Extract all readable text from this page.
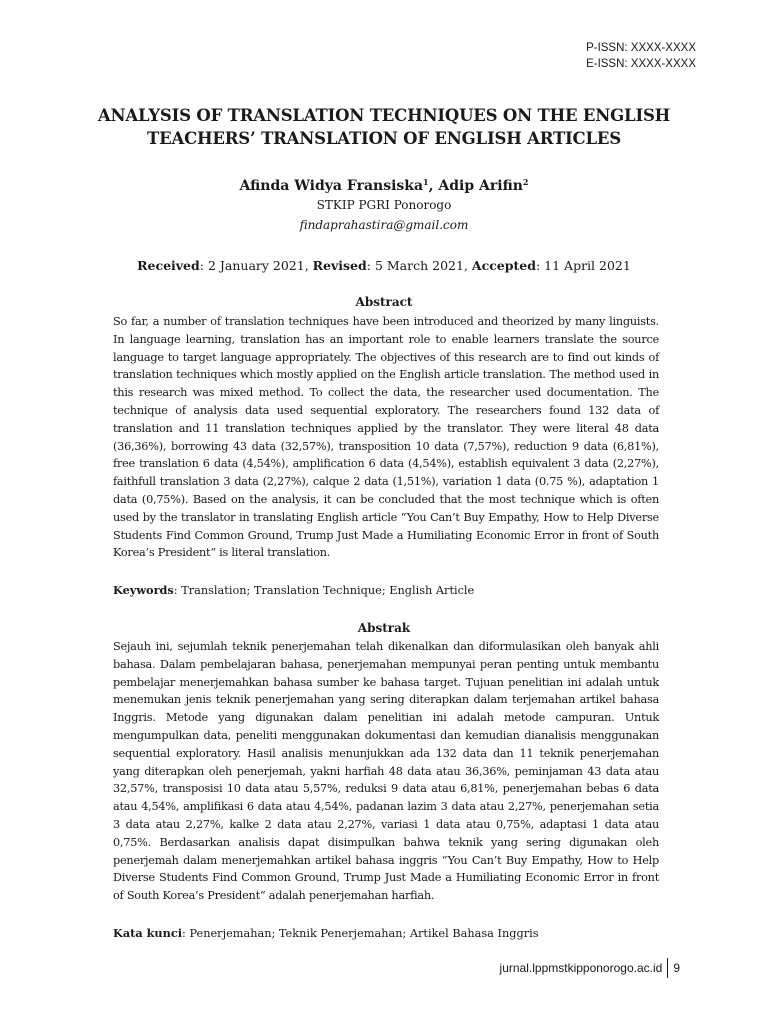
P-ISSN: XXXX-XXXX
E-ISSN: XXXX-XXXX
ANALYSIS OF TRANSLATION TECHNIQUES ON THE ENGLISH TEACHERS’ TRANSLATION OF ENGLISH ARTICLES
Afinda Widya Fransiska$^1$, Adip Arifin$^2$
STKIP PGRI Ponorogo
findaprahastira@gmail.com
Received: 2 January 2021, Revised: 5 March 2021, Accepted: 11 April 2021
Abstract

So far, a number of translation techniques have been introduced and theorized by many linguists. In language learning, translation has an important role to enable learners translate the source language to target language appropriately. The objectives of this research are to find out kinds of translation techniques which mostly applied on the English article translation. The method used in this research was mixed method. To collect the data, the researcher used documentation. The technique of analysis data used sequential exploratory. The researchers found 132 data of translation and 11 translation techniques applied by the translator. They were literal 48 data (36,36%), borrowing 43 data (32,57%), transposition 10 data (7,57%), reduction 9 data (6,81%), free translation 6 data (4,54%), amplification 6 data (4,54%), establish equivalent 3 data (2,27%), faithfull translation 3 data (2,27%), calque 2 data (1,51%), variation 1 data (0.75 %), adaptation 1 data (0,75%). Based on the analysis, it can be concluded that the most technique which is often used by the translator in translating English article “You Can’t Buy Empathy, How to Help Diverse Students Find Common Ground, Trump Just Made a Humiliating Economic Error in front of South Korea’s President“ is literal translation.

Keywords: Translation; Translation Technique; English Article
Abstrak

Sejauh ini, sejumlah teknik penerjemahan telah dikenalkan dan diformulasikan oleh banyak ahli bahasa. Dalam pembelajaran bahasa, penerjemahan mempunyai peran penting untuk membantu pembelajar menerjemahkan bahasa sumber ke bahasa target. Tujuan penelitian ini adalah untuk menemukan jenis teknik penerjemahan yang sering diterapkan dalam terjemahan artikel bahasa Inggris. Metode yang digunakan dalam penelitian ini adalah metode campuran. Untuk mengumpulkan data, peneliti menggunakan dokumentasi dan kemudian dianalisis menggunakan sequential exploratory. Hasil analisis menunjukkan ada 132 data dan 11 teknik penerjemahan yang diterapkan oleh penerjemah, yakni harfiah 48 data atau 36,36%, peminjaman 43 data atau 32,57%, transposisi 10 data atau 5,57%, reduksi 9 data atau 6,81%, penerjemahan bebas 6 data atau 4,54%, amplifikasi 6 data atau 4,54%, padanan lazim 3 data atau 2,27%, penerjemahan setia 3 data atau 2,27%, kalke 2 data atau 2,27%, variasi 1 data atau 0,75%, adaptasi 1 data atau 0,75%. Berdasarkan analisis dapat disimpulkan bahwa teknik yang sering digunakan oleh penerjemah dalam menerjemahkan artikel bahasa inggris “You Can’t Buy Empathy, How to Help Diverse Students Find Common Ground, Trump Just Made a Humiliating Economic Error in front of South Korea’s President“ adalah penerjemahan harfiah.

Kata kunci: Penerjemahan; Teknik Penerjemahan; Artikel Bahasa Inggris
jurnal.lppmstkipponorogo.ac.id 9
